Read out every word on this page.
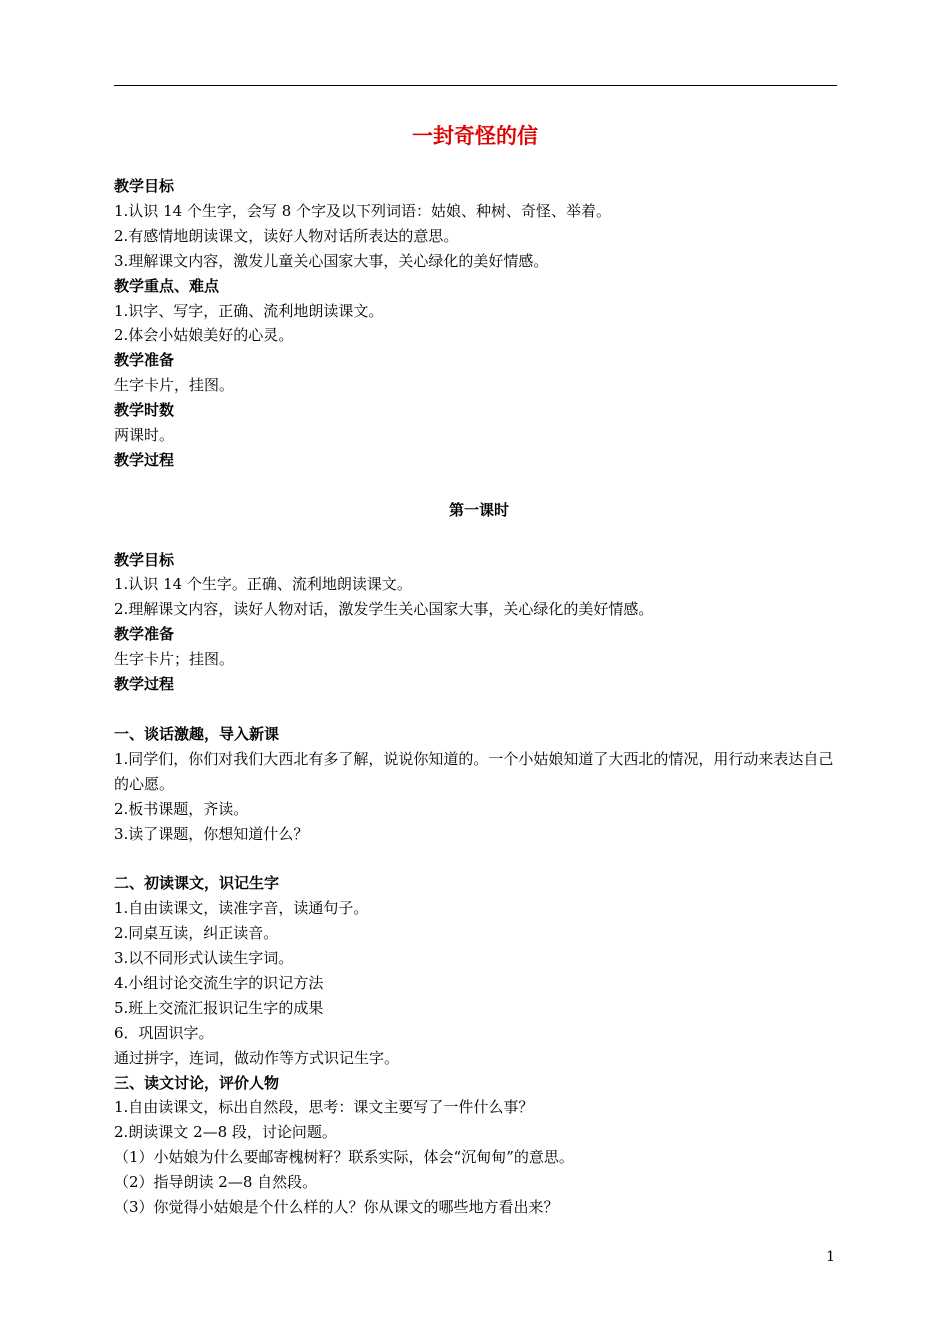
一封奇怪的信
教学目标
1.认识 14 个生字，会写 8 个字及以下列词语：姑娘、种树、奇怪、举着。
2.有感情地朗读课文，读好人物对话所表达的意思。
3.理解课文内容，激发儿童关心国家大事，关心绿化的美好情感。
教学重点、难点
1.识字、写字，正确、流利地朗读课文。
2.体会小姑娘美好的心灵。
教学准备
生字卡片，挂图。
教学时数
两课时。
教学过程
第一课时
教学目标
1.认识 14 个生字。正确、流利地朗读课文。
2.理解课文内容，读好人物对话，激发学生关心国家大事，关心绿化的美好情感。
教学准备
生字卡片；挂图。
教学过程
一、谈话激趣，导入新课
1.同学们，你们对我们大西北有多了解，说说你知道的。一个小姑娘知道了大西北的情况，用行动来表达自己的心愿。
2.板书课题，齐读。
3.读了课题，你想知道什么？
二、初读课文，识记生字
1.自由读课文，读准字音，读通句子。
2.同桌互读，纠正读音。
3.以不同形式认读生字词。
4.小组讨论交流生字的识记方法
5.班上交流汇报识记生字的成果
6．巩固识字。
通过拼字，连词，做动作等方式识记生字。
三、读文讨论，评价人物
1.自由读课文，标出自然段，思考：课文主要写了一件什么事？
2.朗读课文 2—8 段，讨论问题。
（1）小姑娘为什么要邮寄槐树籽？联系实际，体会“沉甸甸”的意思。
（2）指导朗读 2—8 自然段。
（3）你觉得小姑娘是个什么样的人？你从课文的哪些地方看出来？
1
